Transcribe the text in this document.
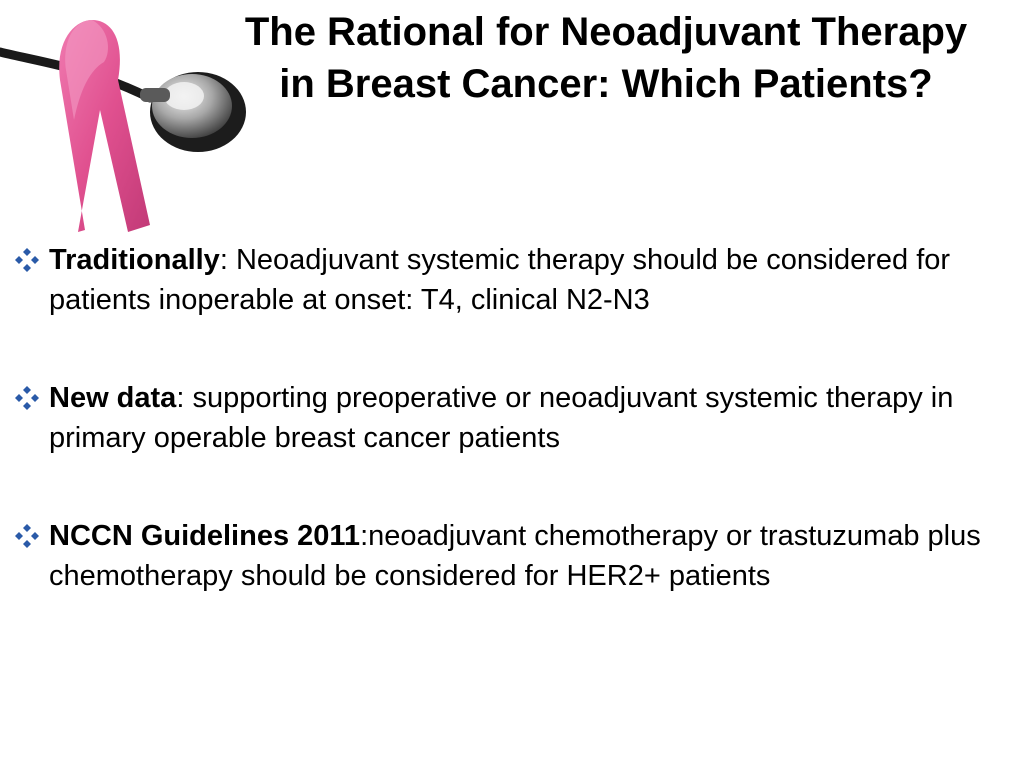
The Rational for Neoadjuvant Therapy
in Breast Cancer: Which Patients?
Traditionally: Neoadjuvant systemic therapy should be considered for patients inoperable at onset: T4, clinical N2-N3
New data: supporting preoperative or neoadjuvant systemic therapy in primary operable breast cancer patients
NCCN Guidelines 2011:neoadjuvant chemotherapy or trastuzumab plus chemotherapy should be considered for HER2+ patients
